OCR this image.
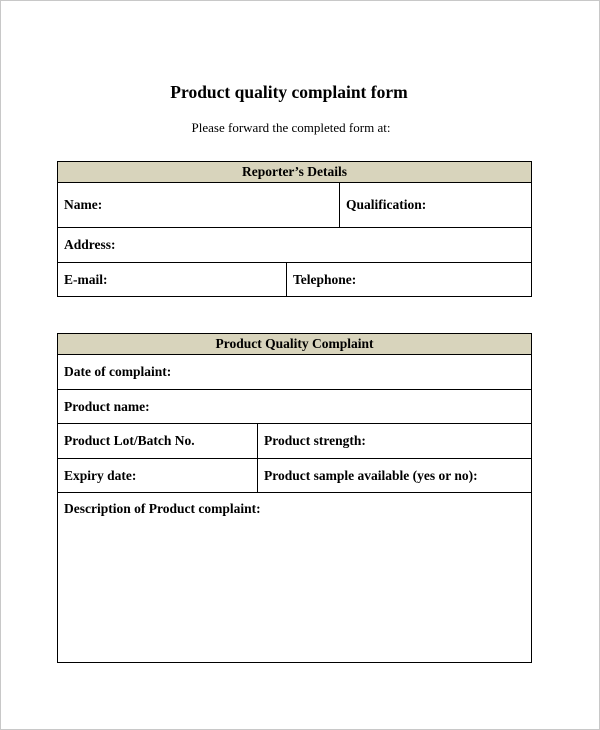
Product quality complaint form
Please forward the completed form at:
Reporter’s Details		
Name:		Qualification:
Address:		
E-mail:	Telephone:	
Product Quality Complaint	
Date of complaint:	
Product name:	
Product Lot/Batch No.	Product strength:
Expiry date:	Product sample available (yes or no):
Description of Product complaint:	
